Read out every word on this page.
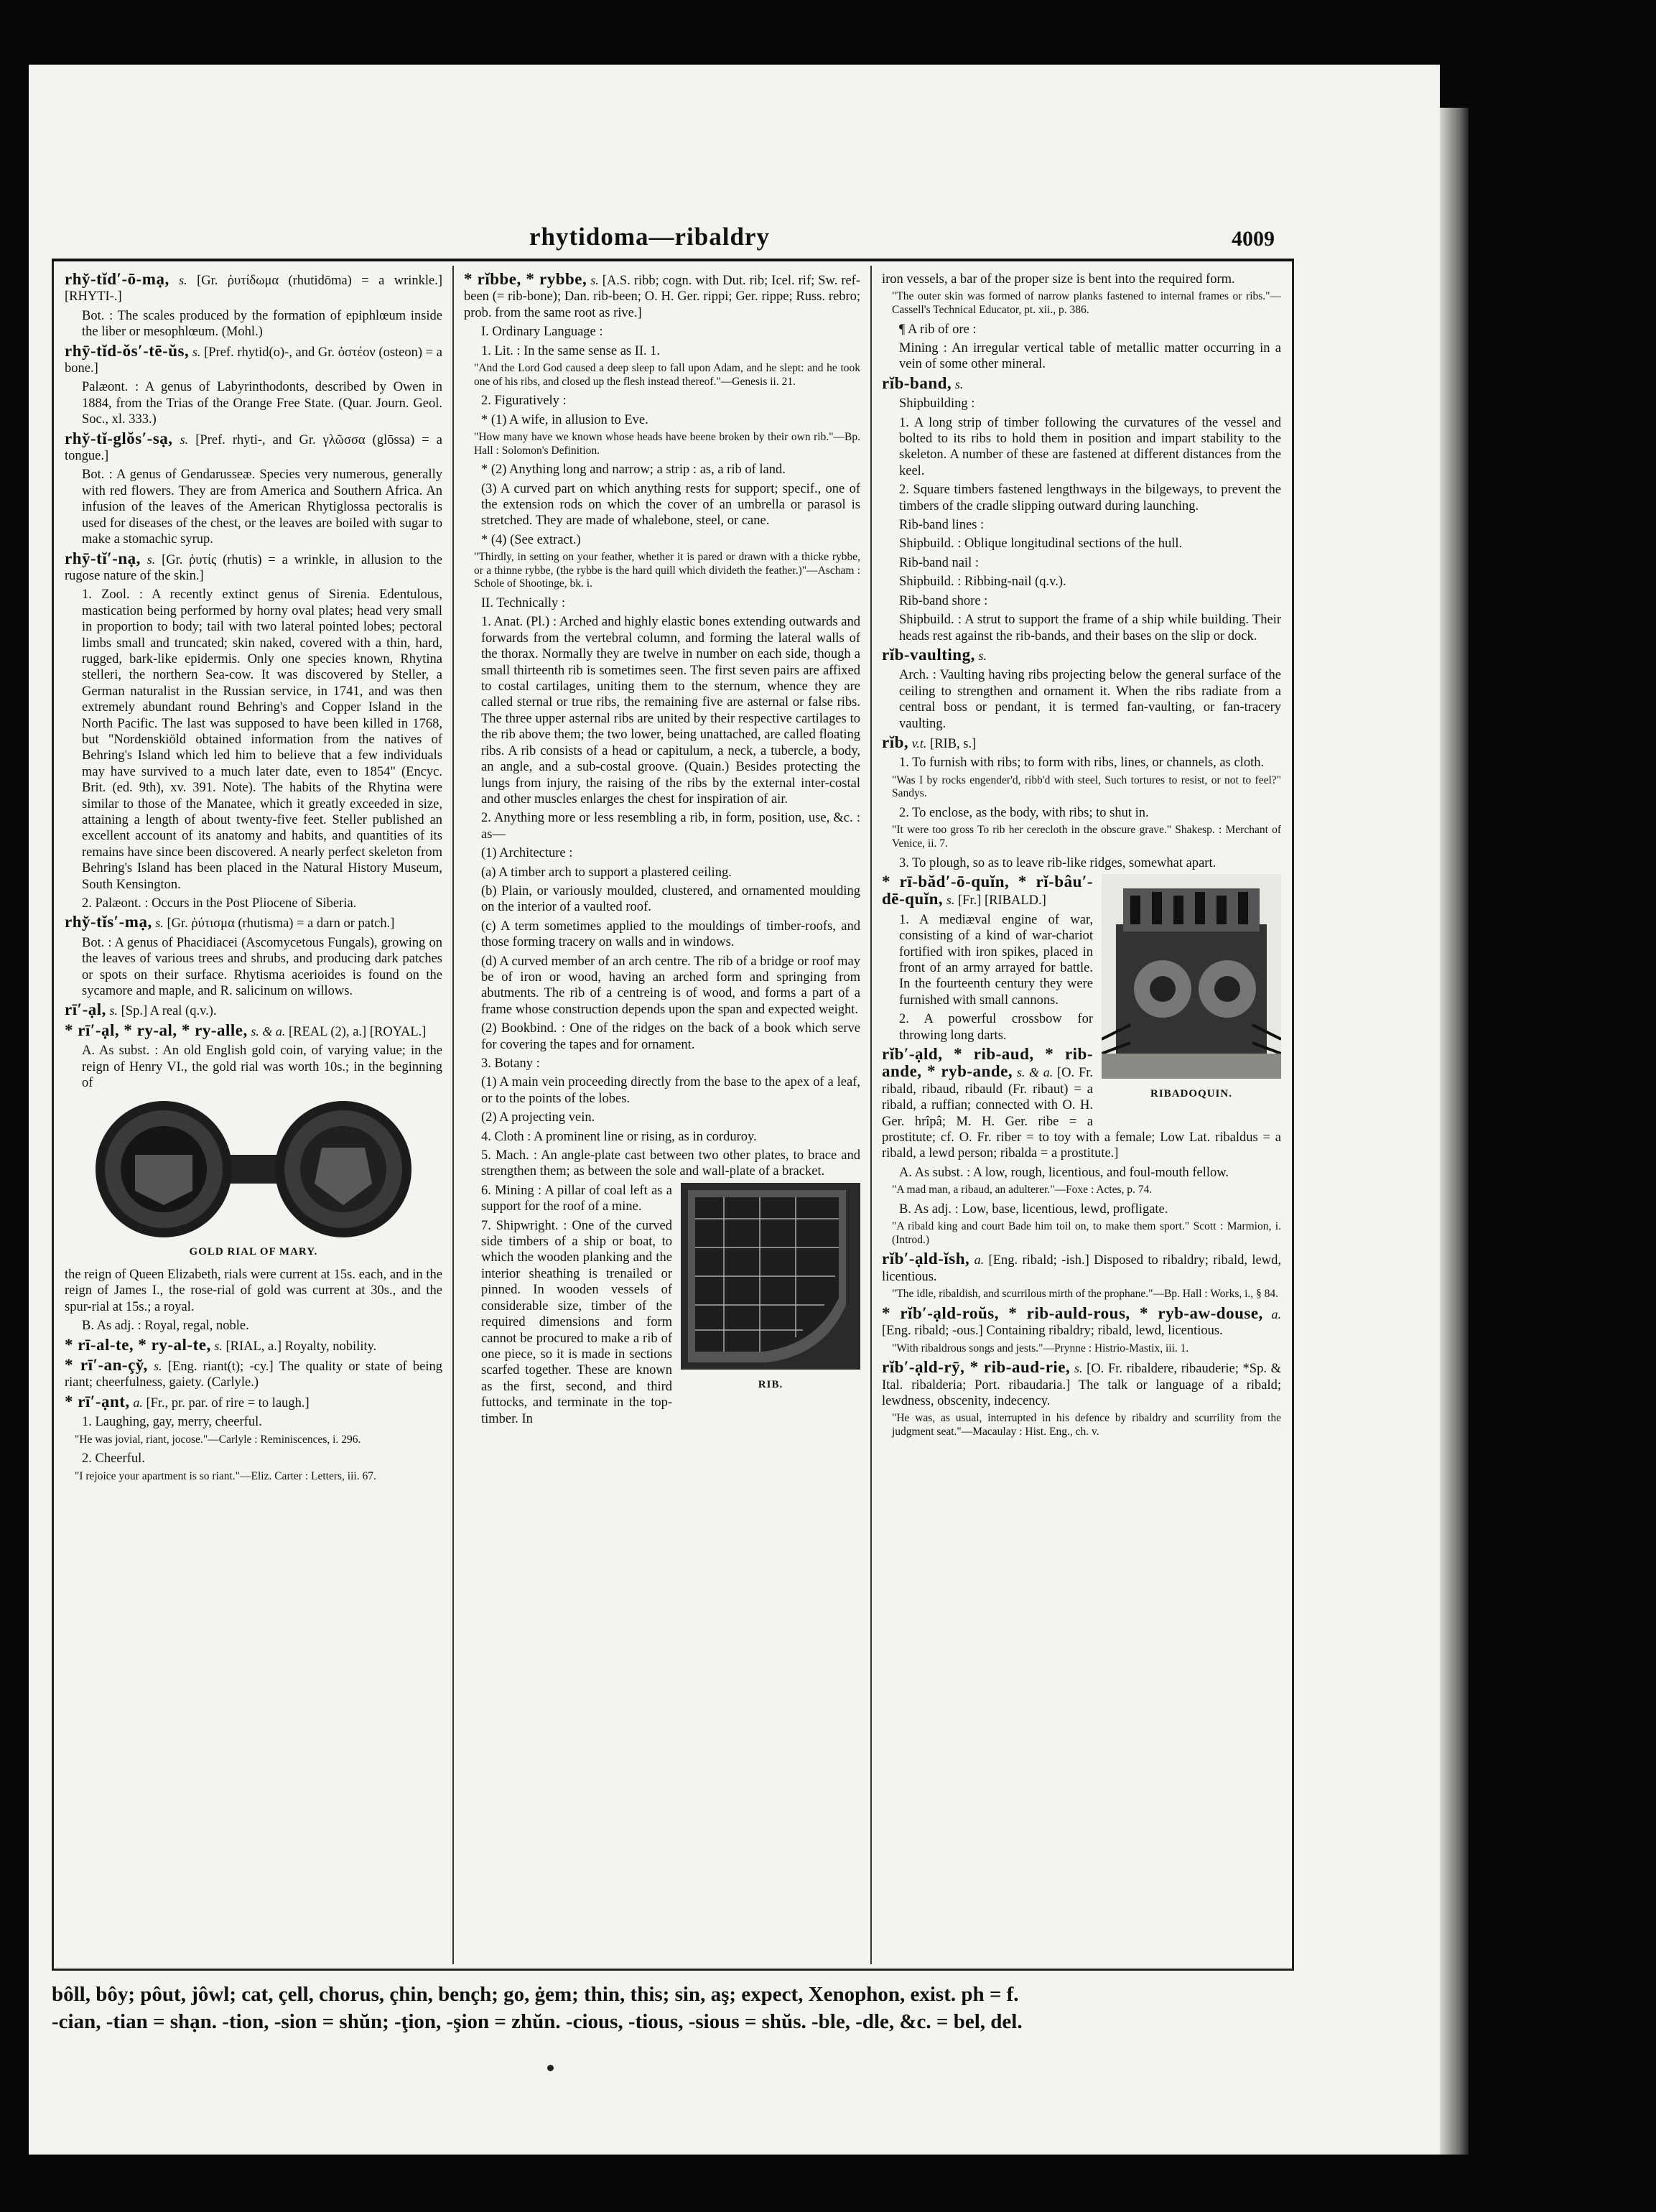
rhytidoma—ribaldry	4009

rhy̆-tĭd′-ō-mạ, s. [Gr. ῥυτίδωμα (rhutidōma) = a wrinkle.] [RHYTI-.]

Bot. : The scales produced by the formation of epiphlœum inside the liber or mesophlœum. (Mohl.)

rhȳ-tĭd-ŏs′-tē-ŭs, s. [Pref. rhytid(o)-, and Gr. ὀστέον (osteon) = a bone.]

Palæont. : A genus of Labyrinthodonts, described by Owen in 1884, from the Trias of the Orange Free State. (Quar. Journ. Geol. Soc., xl. 333.)

rhy̆-tĭ-glŏs′-sạ, s. [Pref. rhyti-, and Gr. γλῶσσα (glōssa) = a tongue.]

Bot. : A genus of Gendarusseæ. Species very numerous, generally with red flowers. They are from America and Southern Africa. An infusion of the leaves of the American Rhytiglossa pectoralis is used for diseases of the chest, or the leaves are boiled with sugar to make a stomachic syrup.

rhȳ-tĭ′-nạ, s. [Gr. ῥυτίς (rhutis) = a wrinkle, in allusion to the rugose nature of the skin.]

1. Zool. : A recently extinct genus of Sirenia. Edentulous, mastication being performed by horny oval plates; head very small in proportion to body; tail with two lateral pointed lobes; pectoral limbs small and truncated; skin naked, covered with a thin, hard, rugged, bark-like epidermis. Only one species known, Rhytina stelleri, the northern Sea-cow. It was discovered by Steller, a German naturalist in the Russian service, in 1741, and was then extremely abundant round Behring's and Copper Island in the North Pacific. The last was supposed to have been killed in 1768, but "Nordenskiöld obtained information from the natives of Behring's Island which led him to believe that a few individuals may have survived to a much later date, even to 1854" (Encyc. Brit. (ed. 9th), xv. 391. Note). The habits of the Rhytina were similar to those of the Manatee, which it greatly exceeded in size, attaining a length of about twenty-five feet. Steller published an excellent account of its anatomy and habits, and quantities of its remains have since been discovered. A nearly perfect skeleton from Behring's Island has been placed in the Natural History Museum, South Kensington.

2. Palæont. : Occurs in the Post Pliocene of Siberia.

rhy̆-tĭs′-mạ, s. [Gr. ῥύτισμα (rhutisma) = a darn or patch.]

Bot. : A genus of Phacidiacei (Ascomycetous Fungals), growing on the leaves of various trees and shrubs, and producing dark patches or spots on their surface. Rhytisma acerioides is found on the sycamore and maple, and R. salicinum on willows.

rī′-ạl, s. [Sp.] A real (q.v.).

* rī′-ạl, * ry-al, * ry-alle, s. & a. [REAL (2), a.] [ROYAL.]

A. As subst. : An old English gold coin, of varying value; in the reign of Henry VI., the gold rial was worth 10s.; in the beginning of

GOLD RIAL OF MARY.

the reign of Queen Elizabeth, rials were current at 15s. each, and in the reign of James I., the rose-rial of gold was current at 30s., and the spur-rial at 15s.; a royal.

B. As adj. : Royal, regal, noble.

* rī-al-te, * ry-al-te, s. [RIAL, a.] Royalty, nobility.

* rī′-an-çy̆, s. [Eng. riant(t); -cy.] The quality or state of being riant; cheerfulness, gaiety. (Carlyle.)

* rī′-ạnt, a. [Fr., pr. par. of rire = to laugh.]

1. Laughing, gay, merry, cheerful.

"He was jovial, riant, jocose."—Carlyle : Reminiscences, i. 296.

2. Cheerful.

"I rejoice your apartment is so riant."—Eliz. Carter : Letters, iii. 67.

* rĭbbe, * rybbe, s. [A.S. ribb; cogn. with Dut. rib; Icel. rif; Sw. ref-been (= rib-bone); Dan. rib-been; O. H. Ger. rippi; Ger. rippe; Russ. rebro; prob. from the same root as rive.]

I. Ordinary Language :

1. Lit. : In the same sense as II. 1.

"And the Lord God caused a deep sleep to fall upon Adam, and he slept: and he took one of his ribs, and closed up the flesh instead thereof."—Genesis ii. 21.

2. Figuratively :

* (1) A wife, in allusion to Eve.

"How many have we known whose heads have beene broken by their own rib."—Bp. Hall : Solomon's Definition.

* (2) Anything long and narrow; a strip : as, a rib of land.

(3) A curved part on which anything rests for support; specif., one of the extension rods on which the cover of an umbrella or parasol is stretched. They are made of whalebone, steel, or cane.

* (4) (See extract.)

"Thirdly, in setting on your feather, whether it is pared or drawn with a thicke rybbe, or a thinne rybbe, (the rybbe is the hard quill which divideth the feather.)"—Ascham : Schole of Shootinge, bk. i.

II. Technically :

1. Anat. (Pl.) : Arched and highly elastic bones extending outwards and forwards from the vertebral column, and forming the lateral walls of the thorax. Normally they are twelve in number on each side, though a small thirteenth rib is sometimes seen. The first seven pairs are affixed to costal cartilages, uniting them to the sternum, whence they are called sternal or true ribs, the remaining five are asternal or false ribs. The three upper asternal ribs are united by their respective cartilages to the rib above them; the two lower, being unattached, are called floating ribs. A rib consists of a head or capitulum, a neck, a tubercle, a body, an angle, and a sub-costal groove. (Quain.) Besides protecting the lungs from injury, the raising of the ribs by the external inter-costal and other muscles enlarges the chest for inspiration of air.

2. Anything more or less resembling a rib, in form, position, use, &c. : as—

(1) Architecture :

(a) A timber arch to support a plastered ceiling.

(b) Plain, or variously moulded, clustered, and ornamented moulding on the interior of a vaulted roof.

(c) A term sometimes applied to the mouldings of timber-roofs, and those forming tracery on walls and in windows.

(d) A curved member of an arch centre. The rib of a bridge or roof may be of iron or wood, having an arched form and springing from abutments. The rib of a centreing is of wood, and forms a part of a frame whose construction depends upon the span and expected weight.

(2) Bookbind. : One of the ridges on the back of a book which serve for covering the tapes and for ornament.

3. Botany :

(1) A main vein proceeding directly from the base to the apex of a leaf, or to the points of the lobes.

(2) A projecting vein.

4. Cloth : A prominent line or rising, as in corduroy.

5. Mach. : An angle-plate cast between two other plates, to brace and strengthen them; as between the sole and wall-plate of a bracket.

RIB.

6. Mining : A pillar of coal left as a support for the roof of a mine.

7. Shipwright. : One of the curved side timbers of a ship or boat, to which the wooden planking and the interior sheathing is trenailed or pinned. In wooden vessels of considerable size, timber of the required dimensions and form cannot be procured to make a rib of one piece, so it is made in sections scarfed together. These are known as the first, second, and third futtocks, and terminate in the top-timber. In

iron vessels, a bar of the proper size is bent into the required form.

"The outer skin was formed of narrow planks fastened to internal frames or ribs."—Cassell's Technical Educator, pt. xii., p. 386.

¶ A rib of ore :

Mining : An irregular vertical table of metallic matter occurring in a vein of some other mineral.

rĭb-band, s.

Shipbuilding :

1. A long strip of timber following the curvatures of the vessel and bolted to its ribs to hold them in position and impart stability to the skeleton. A number of these are fastened at different distances from the keel.

2. Square timbers fastened lengthways in the bilgeways, to prevent the timbers of the cradle slipping outward during launching.

Rib-band lines :

Shipbuild. : Oblique longitudinal sections of the hull.

Rib-band nail :

Shipbuild. : Ribbing-nail (q.v.).

Rib-band shore :

Shipbuild. : A strut to support the frame of a ship while building. Their heads rest against the rib-bands, and their bases on the slip or dock.

rĭb-vaulting, s.

Arch. : Vaulting having ribs projecting below the general surface of the ceiling to strengthen and ornament it. When the ribs radiate from a central boss or pendant, it is termed fan-vaulting, or fan-tracery vaulting.

rĭb, v.t. [RIB, s.]

1. To furnish with ribs; to form with ribs, lines, or channels, as cloth.

"Was I by rocks engender'd, ribb'd with steel, Such tortures to resist, or not to feel?" Sandys.

2. To enclose, as the body, with ribs; to shut in.

"It were too gross To rib her cerecloth in the obscure grave." Shakesp. : Merchant of Venice, ii. 7.

3. To plough, so as to leave rib-like ridges, somewhat apart.

RIBADOQUIN.

* rī-băd′-ō-quĭn, * rĭ-bâu′-dē-quĭn, s. [Fr.] [RIBALD.]

1. A mediæval engine of war, consisting of a kind of war-chariot fortified with iron spikes, placed in front of an army arrayed for battle. In the fourteenth century they were furnished with small cannons.

2. A powerful crossbow for throwing long darts.

rĭb′-ạld, * rib-aud, * rib-ande, * ryb-ande, s. & a. [O. Fr. ribald, ribaud, ribauld (Fr. ribaut) = a ribald, a ruffian; connected with O. H. Ger. hrîpâ; M. H. Ger. ribe = a prostitute; cf. O. Fr. riber = to toy with a female; Low Lat. ribaldus = a ribald, a lewd person; ribalda = a prostitute.]

A. As subst. : A low, rough, licentious, and foul-mouth fellow.

"A mad man, a ribaud, an adulterer."—Foxe : Actes, p. 74.

B. As adj. : Low, base, licentious, lewd, profligate.

"A ribald king and court Bade him toil on, to make them sport." Scott : Marmion, i. (Introd.)

rĭb′-ạld-ĭsh, a. [Eng. ribald; -ish.] Disposed to ribaldry; ribald, lewd, licentious.

"The idle, ribaldish, and scurrilous mirth of the prophane."—Bp. Hall : Works, i., § 84.

* rĭb′-ạld-roŭs, * rib-auld-rous, * ryb-aw-douse, a. [Eng. ribald; -ous.] Containing ribaldry; ribald, lewd, licentious.

"With ribaldrous songs and jests."—Prynne : Histrio-Mastix, iii. 1.

rĭb′-ạld-rȳ, * rib-aud-rie, s. [O. Fr. ribaldere, ribauderie; *Sp. & Ital. ribalderia; Port. ribaudaria.] The talk or language of a ribald; lewdness, obscenity, indecency.

"He was, as usual, interrupted in his defence by ribaldry and scurrility from the judgment seat."—Macaulay : Hist. Eng., ch. v.

bôll, bôy; pôut, jôwl; cat, çell, chorus, çhin, bençh; go, ġem; thin, this; sin, aş; expect, Xenophon, exist. ph = f.
-cian, -tian = shạn. -tion, -sion = shŭn; -ţion, -şion = zhŭn. -cious, -tious, -sious = shŭs. -ble, -dle, &c. = bel, del.
